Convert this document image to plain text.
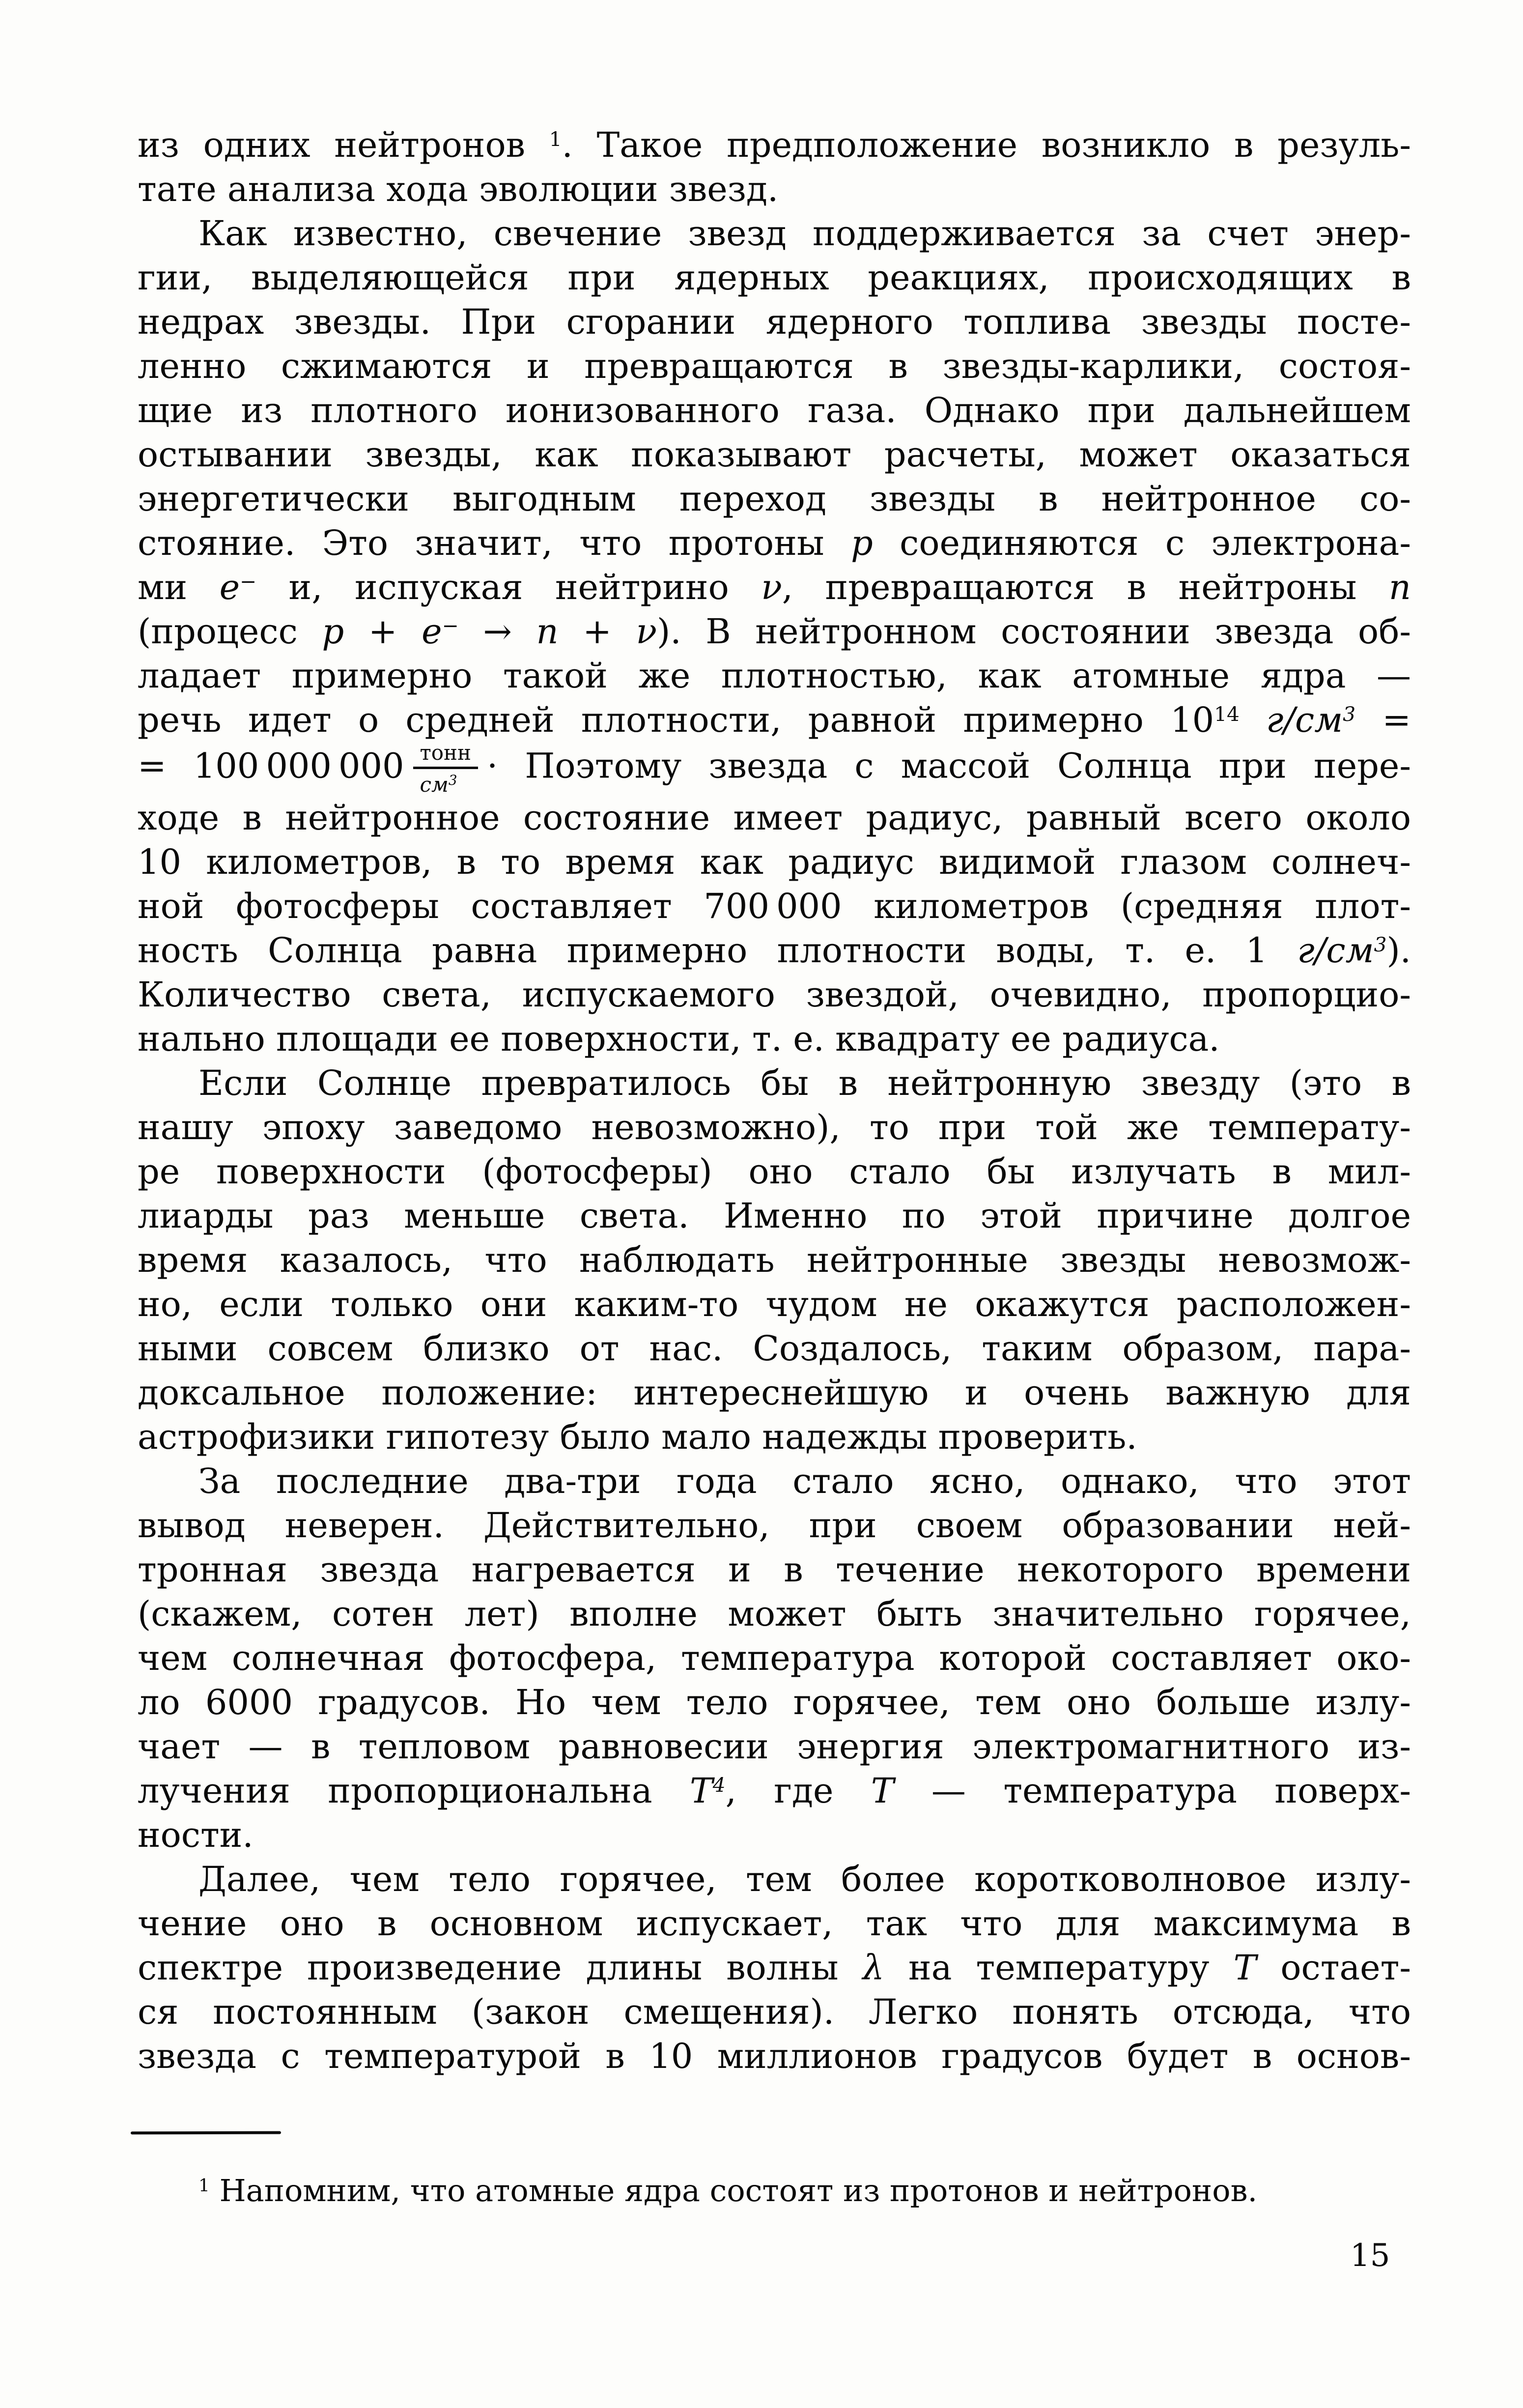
из одних нейтронов $^1$. Такое предположение возникло в резуль-
тате анализа хода эволюции звезд.
Как известно, свечение звезд поддерживается за счет энер-
гии, выделяющейся при ядерных реакциях, происходящих в
недрах звезды. При сгорании ядерного топлива звезды посте-
ленно сжимаются и превращаются в звезды-карлики, состоя-
щие из плотного ионизованного газа. Однако при дальнейшем
остывании звезды, как показывают расчеты, может оказаться
энергетически выгодным переход звезды в нейтронное со-
стояние. Это значит, что протоны p соединяются с электрона-
ми e− и, испуская нейтрино ν, превращаются в нейтроны n
(процесс p + e− → n + ν). В нейтронном состоянии звезда об-
ладает примерно такой же плотностью, как атомные ядра —
речь идет о средней плотности, равной примерно $10^{14}$ $г/см^3$ =
= 100 000 $000 \frac{\text{тонн}}{см^3}$ · Поэтому звезда с массой Солнца при пере-
ходе в нейтронное состояние имеет радиус, равный всего около
10 километров, в то время как радиус видимой глазом солнеч-
ной фотосферы составляет 700 000 километров (средняя плот-
ность Солнца равна примерно плотности воды, т. е. 1 $г/см^3$).
Количество света, испускаемого звездой, очевидно, пропорцио-
нально площади ее поверхности, т. е. квадрату ее радиуса.
Если Солнце превратилось бы в нейтронную звезду (это в
нашу эпоху заведомо невозможно), то при той же температу-
ре поверхности (фотосферы) оно стало бы излучать в мил-
лиарды раз меньше света. Именно по этой причине долгое
время казалось, что наблюдать нейтронные звезды невозмож-
но, если только они каким-то чудом не окажутся расположен-
ными совсем близко от нас. Создалось, таким образом, пара-
доксальное положение: интереснейшую и очень важную для
астрофизики гипотезу было мало надежды проверить.
За последние два-три года стало ясно, однако, что этот
вывод неверен. Действительно, при своем образовании ней-
тронная звезда нагревается и в течение некоторого времени
(скажем, сотен лет) вполне может быть значительно горячее,
чем солнечная фотосфера, температура которой составляет око-
ло 6000 градусов. Но чем тело горячее, тем оно больше излу-
чает — в тепловом равновесии энергия электромагнитного из-
лучения пропорциональна $T^4$, где T — температура поверх-
ности.
Далее, чем тело горячее, тем более коротковолновое излу-
чение оно в основном испускает, так что для максимума в
спектре произведение длины волны λ на температуру T остает-
ся постоянным (закон смещения). Легко понять отсюда, что
звезда с температурой в 10 миллионов градусов будет в основ-
$^1$ Напомним, что атомные ядра состоят из протонов и нейтронов.
15
